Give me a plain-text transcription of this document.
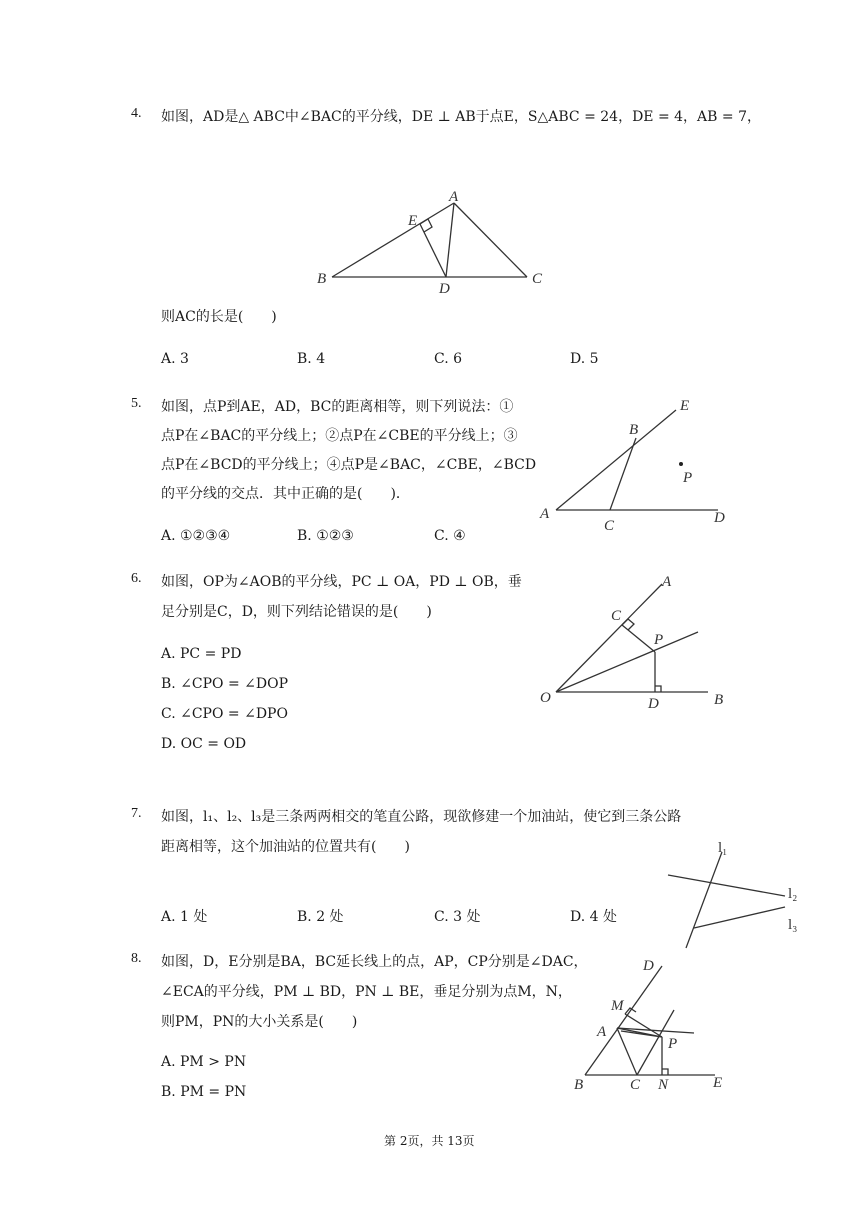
4. 如图，AD是△ ABC中∠BAC的平分线，DE ⊥ AB于点E，S△ABC = 24，DE = 4，AB = 7，
A
E
B
D
C
则AC的长是(　　)
A. 3	B. 4	C. 6	D. 5
5. 如图，点P到AE，AD，BC的距离相等，则下列说法：①
点P在∠BAC的平分线上；②点P在∠CBE的平分线上；③
点P在∠BCD的平分线上；④点P是∠BAC，∠CBE，∠BCD
的平分线的交点．其中正确的是(　　)．
E
B
P
A
C	D
A. ①②③④	B. ①②③	C. ④
6. 如图，OP为∠AOB的平分线，PC ⊥ OA，PD ⊥ OB，垂
足分别是C，D，则下列结论错误的是(　　)
A
C
P
O	D	B
A. PC = PD
B. ∠CPO = ∠DOP
C. ∠CPO = ∠DPO
D. OC = OD
7. 如图，l₁、l₂、l₃是三条两两相交的笔直公路，现欲修建一个加油站，使它到三条公路
距离相等，这个加油站的位置共有(　　)	l₁
l₂
l₃
A. 1 处	B. 2 处	C. 3 处	D. 4 处
8. 如图，D，E分别是BA，BC延长线上的点，AP，CP分别是∠DAC，
∠ECA的平分线，PM ⊥ BD，PN ⊥ BE，垂足分别为点M，N，
则PM，PN的大小关系是(　　)
D
M
A
P
B	C N	E
A. PM > PN
B. PM = PN
第 2页，共 13页
